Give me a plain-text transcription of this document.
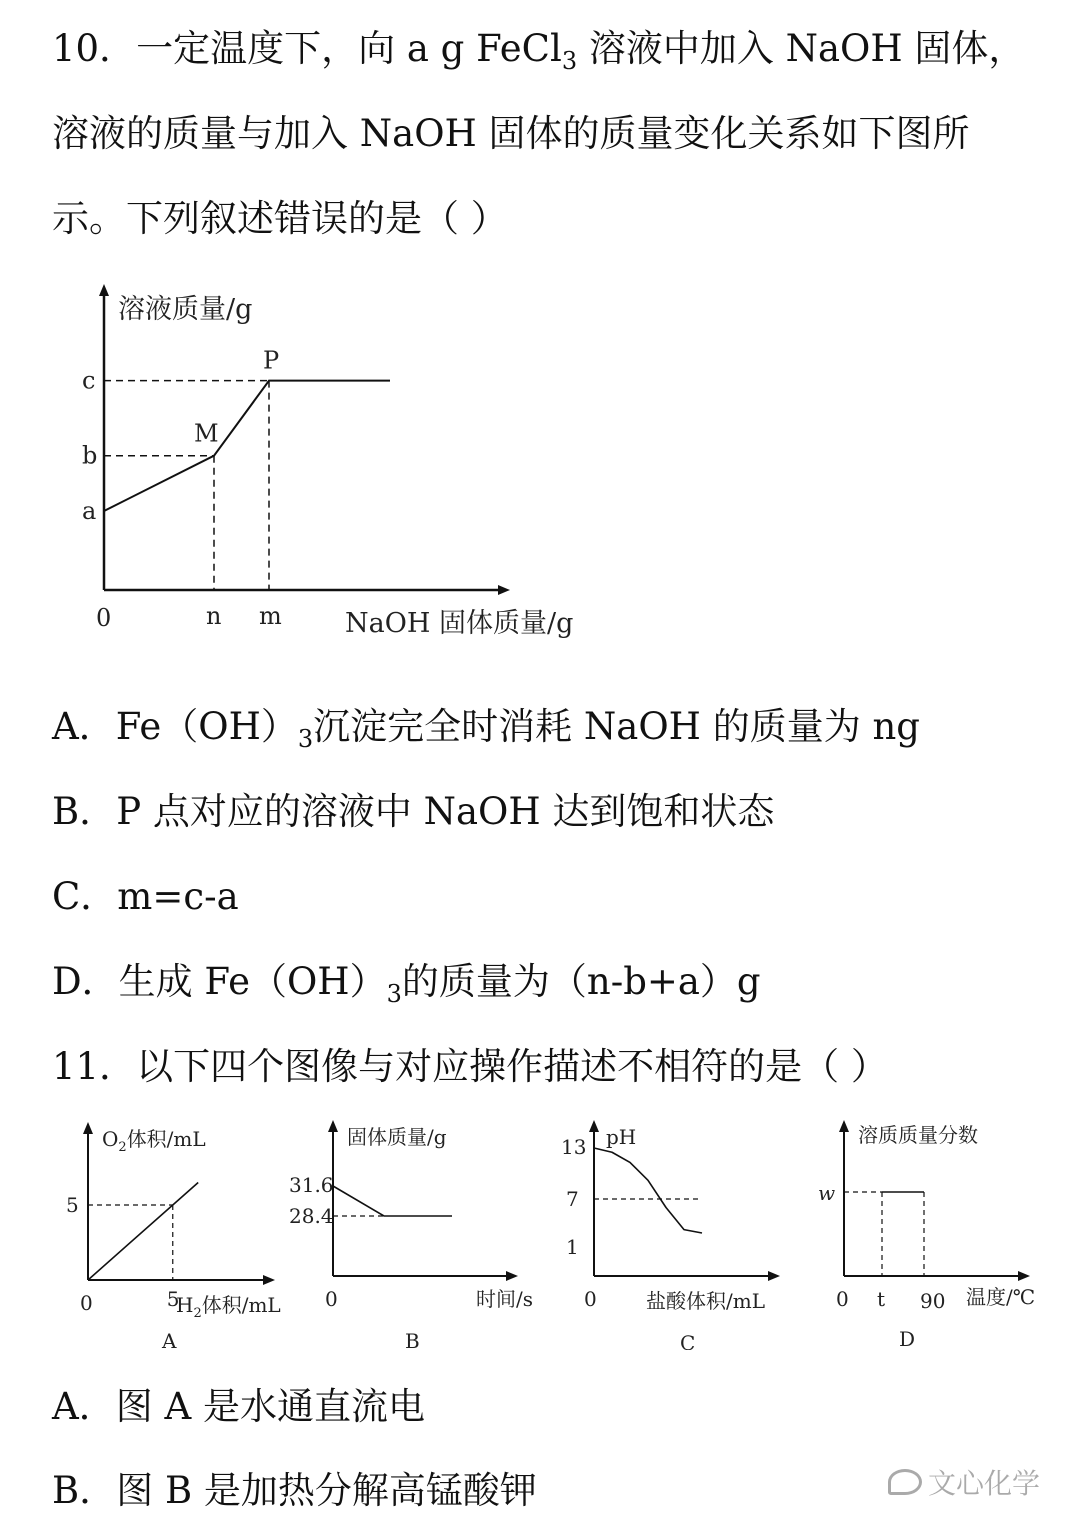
10．一定温度下，向 a g FeCl$_3$ 溶液中加入 NaOH 固体，
溶液的质量与加入 NaOH 固体的质量变化关系如下图所
示。下列叙述错误的是（ ）
M
P
a
b
c
0	n m
溶液质量/g
NaOH 固体质量/g
A．$Fe(OH)_3$沉淀完全时消耗 NaOH 的质量为 ng
B．P 点对应的溶液中 NaOH 达到饱和状态
C．m=c-a
D．生成 $Fe(OH)_3$的质量为（n-b+a）g
11．以下四个图像与对应操作描述不相符的是（ ）
$O_2$体积/mL
$H_2$体积/mL
5
5
0
A
固体质量/g
时间/s
31.6
28.4
0
B
pH
盐酸体积/mL
13
7
1
0
C
溶质质量分数
温度/℃
w
t 90
0
D
A．图 A 是水通直流电
B．图 B 是加热分解高锰酸钾	文心化学
